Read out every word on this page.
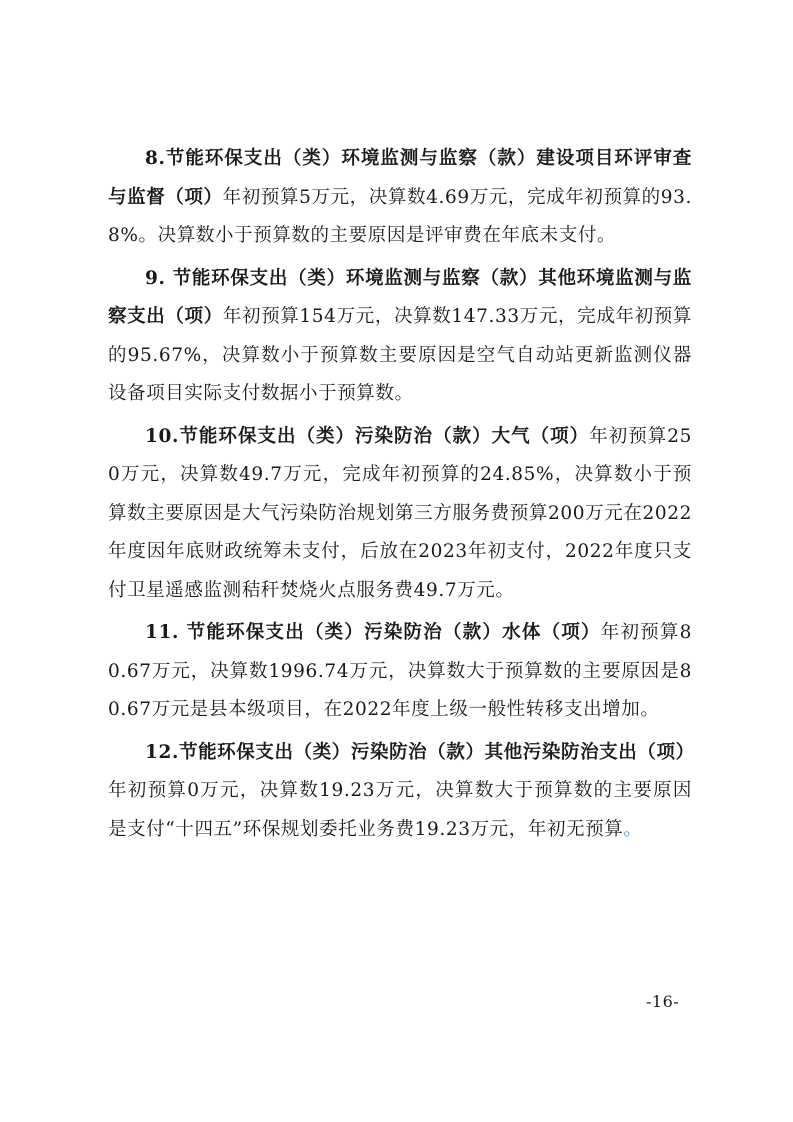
8.节能环保支出（类）环境监测与监察（款）建设项目环评审查与监督（项）年初预算5万元，决算数4.69万元，完成年初预算的93.8%。决算数小于预算数的主要原因是评审费在年底未支付。

9. 节能环保支出（类）环境监测与监察（款）其他环境监测与监察支出（项）年初预算154万元，决算数147.33万元，完成年初预算的95.67%，决算数小于预算数主要原因是空气自动站更新监测仪器设备项目实际支付数据小于预算数。

10.节能环保支出（类）污染防治（款）大气（项）年初预算250万元，决算数49.7万元，完成年初预算的24.85%，决算数小于预算数主要原因是大气污染防治规划第三方服务费预算200万元在2022年度因年底财政统筹未支付，后放在2023年初支付，2022年度只支付卫星遥感监测秸秆焚烧火点服务费49.7万元。

11. 节能环保支出（类）污染防治（款）水体（项）年初预算80.67万元，决算数1996.74万元，决算数大于预算数的主要原因是80.67万元是县本级项目，在2022年度上级一般性转移支出增加。

12.节能环保支出（类）污染防治（款）其他污染防治支出（项）年初预算0万元，决算数19.23万元，决算数大于预算数的主要原因是支付“十四五”环保规划委托业务费19.23万元，年初无预算。

-16-
